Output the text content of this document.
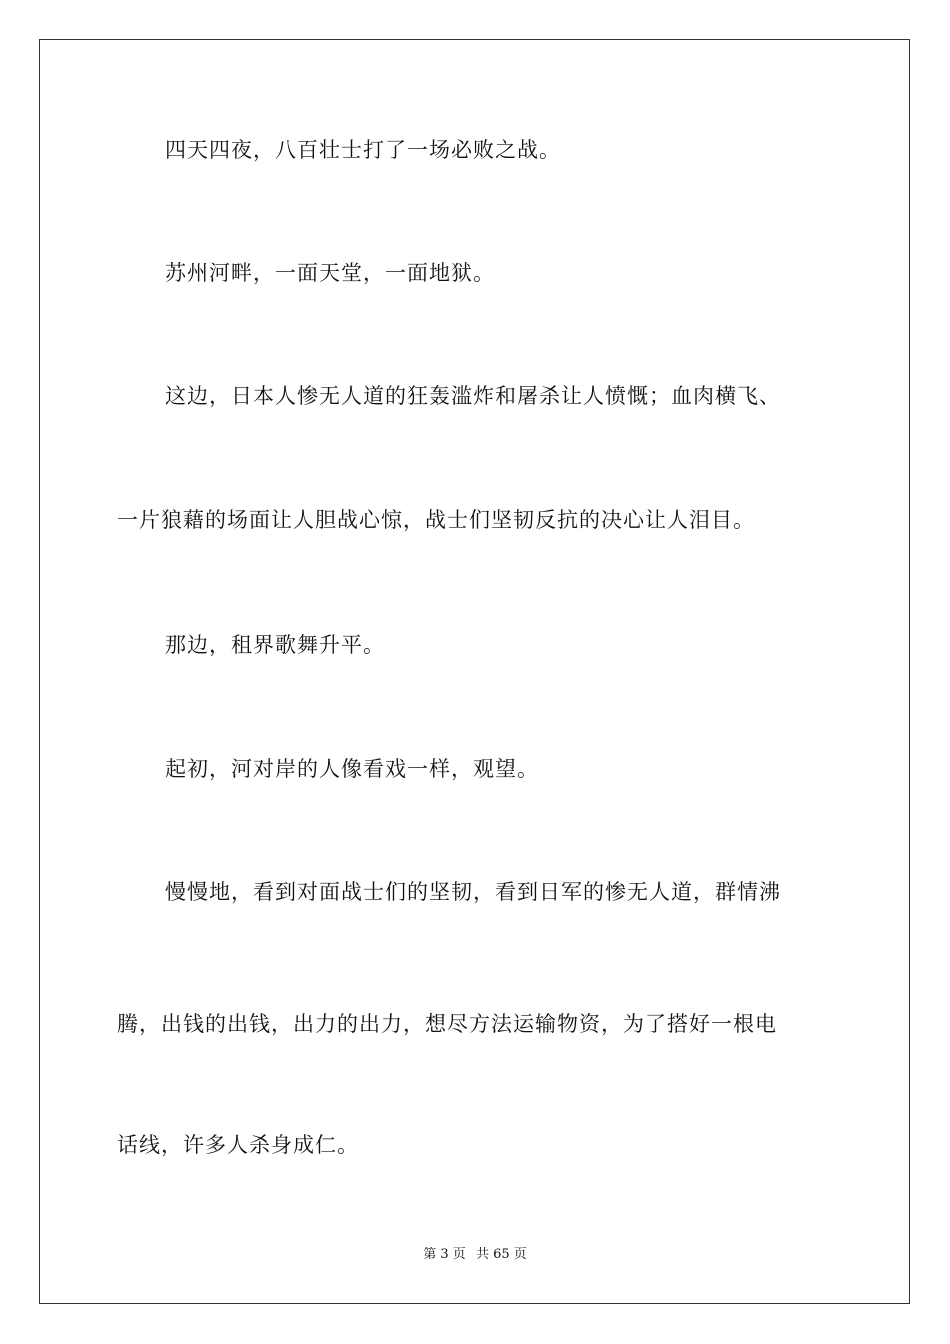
四天四夜，八百壮士打了一场必败之战。
苏州河畔，一面天堂，一面地狱。
这边，日本人惨无人道的狂轰滥炸和屠杀让人愤慨；血肉横飞、
一片狼藉的场面让人胆战心惊，战士们坚韧反抗的决心让人泪目。
那边，租界歌舞升平。
起初，河对岸的人像看戏一样，观望。
慢慢地，看到对面战士们的坚韧，看到日军的惨无人道，群情沸
腾，出钱的出钱，出力的出力，想尽方法运输物资，为了搭好一根电
话线，许多人杀身成仁。
第 3 页 共 65 页
